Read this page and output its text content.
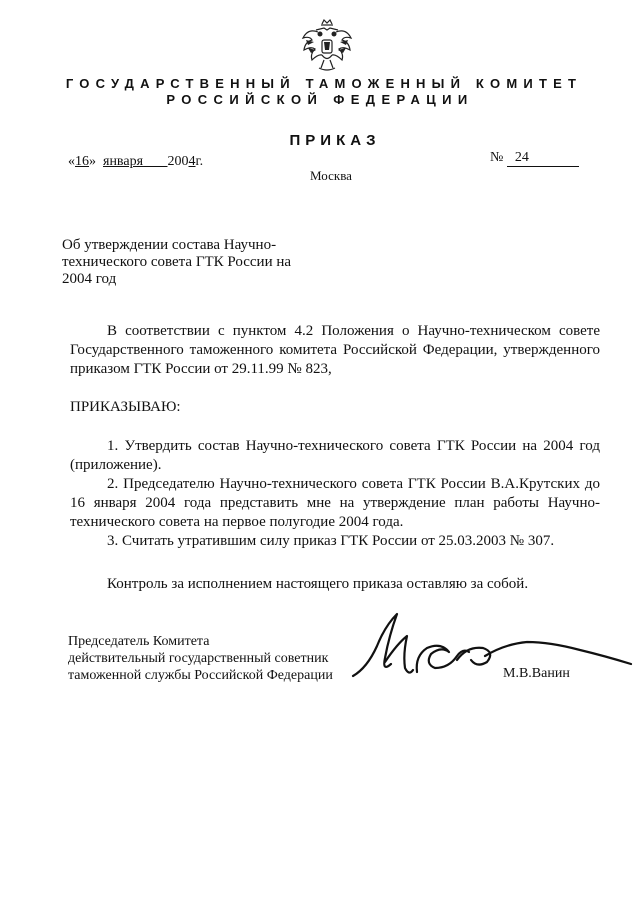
ГОСУДАРСТВЕННЫЙ ТАМОЖЕННЫЙ КОМИТЕТ
РОССИЙСКОЙ ФЕДЕРАЦИИ
ПРИКАЗ
«16» января 2004г.	№ 24
Москва
Об утверждении состава Научно-
технического совета ГТК России на
2004 год
В соответствии с пунктом 4.2 Положения о Научно-техническом совете Государственного таможенного комитета Российской Федерации, утвержденного приказом ГТК России от 29.11.99 № 823,
ПРИКАЗЫВАЮ:

1. Утвердить состав Научно-технического совета ГТК России на 2004 год (приложение).

2. Председателю Научно-технического совета ГТК России В.А.Крутских до 16 января 2004 года представить мне на утверждение план работы Научно-технического совета на первое полугодие 2004 года.

3. Считать утратившим силу приказ ГТК России от 25.03.2003 № 307.

Контроль за исполнением настоящего приказа оставляю за собой.
Председатель Комитета
действительный государственный советник
таможенной службы Российской Федерации	М.В.Ванин
